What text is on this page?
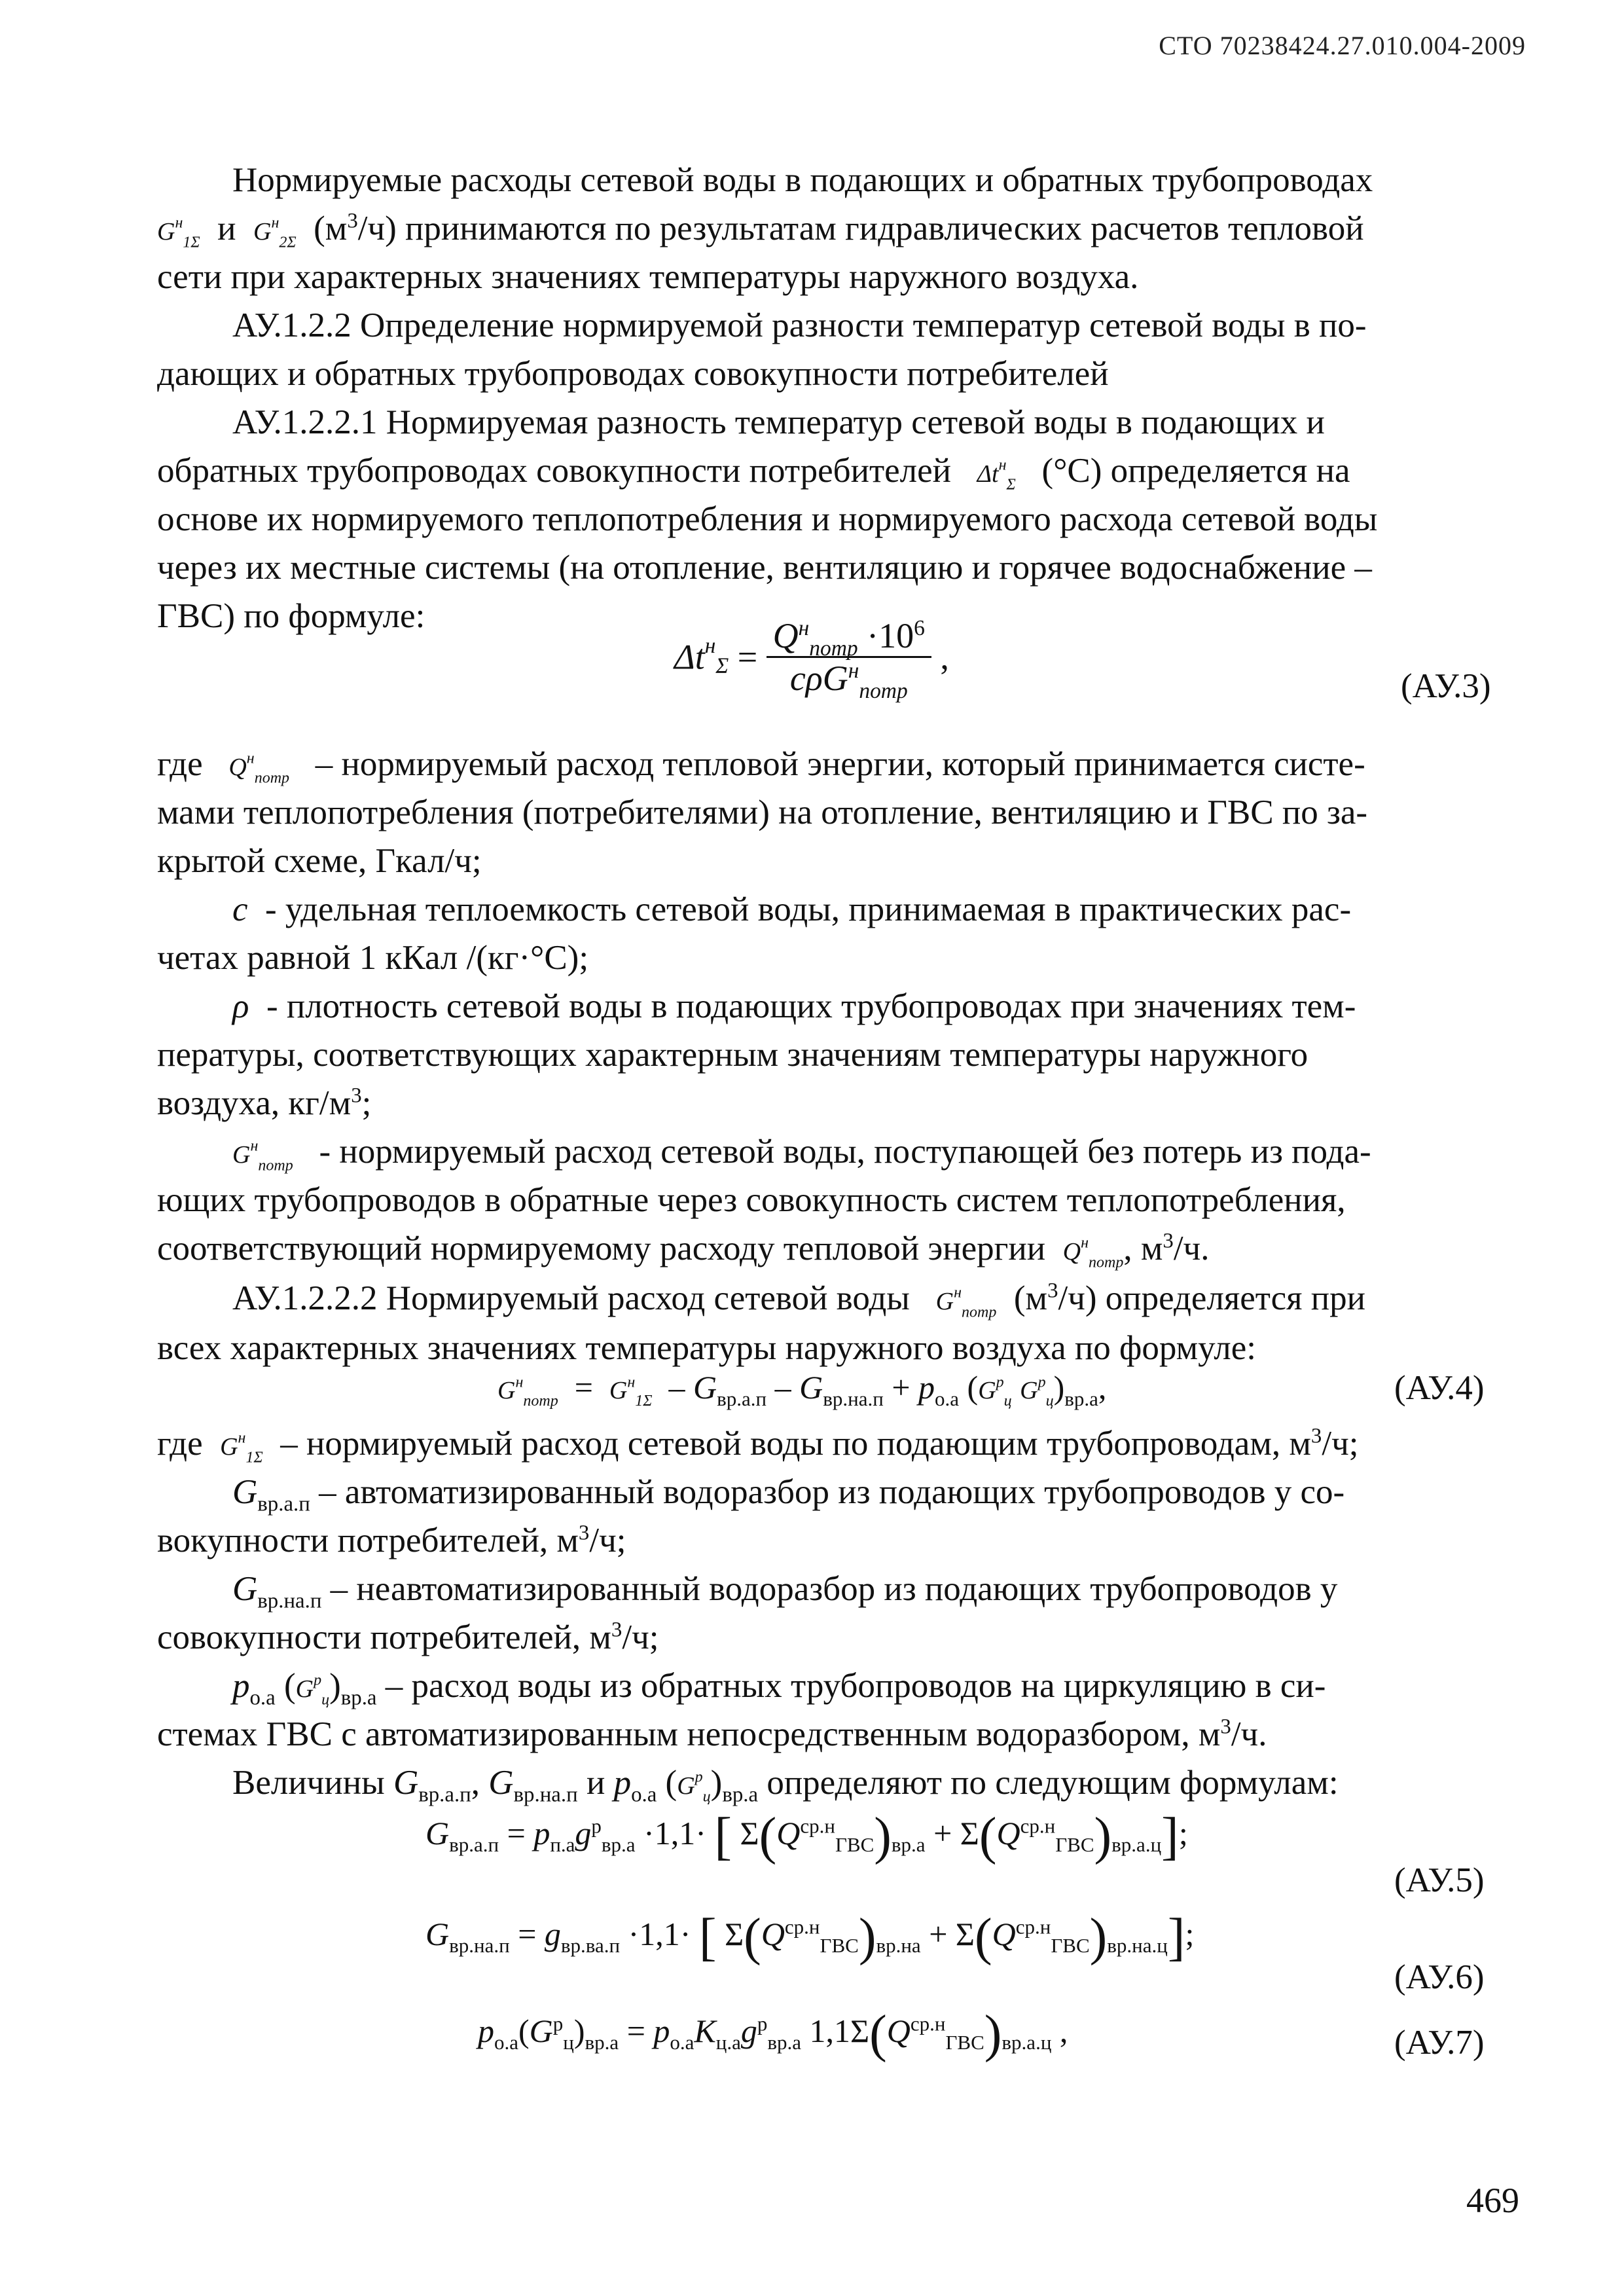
СТО 70238424.27.010.004-2009
Нормируемые расходы сетевой воды в подающих и обратных трубопроводах
$G^н_{1\Sigma}$ и $G^н_{2\Sigma}$  $(м^3/ч)$ принимаются по результатам гидравлических расчетов тепловой
сети при характерных значениях температуры наружного воздуха.
АУ.1.2.2 Определение нормируемой разности температур сетевой воды в по-
дающих и обратных трубопроводах совокупности потребителей
АУ.1.2.2.1 Нормируемая разность температур сетевой воды в подающих и
обратных трубопроводах совокупности потребителей $\Delta t^н_\Sigma$ (°С) определяется на
основе их нормируемого теплопотребления и нормируемого расхода сетевой воды
через их местные системы (на отопление, вентиляцию и горячее водоснабжение –
ГВС) по формуле:
$\Delta t^н_\Sigma = \frac{Q^н_{потр} \cdot 10^6}{c\rho G^н_{потр}}$ ,
(АУ.3)
где $Q^н_{потр}$ – нормируемый расход тепловой энергии, который принимается систе-
мами теплопотребления (потребителями) на отопление, вентиляцию и ГВС по за-
крытой схеме, Гкал/ч;
c - удельная теплоемкость сетевой воды, принимаемая в практических рас-
четах равной 1 кКал /(кг·°С);
ρ - плотность сетевой воды в подающих трубопроводах при значениях тем-
пературы, соответствующих характерным значениям температуры наружного
воздуха, $кг/м^3$;
$G^н_{потр}$ - нормируемый расход сетевой воды, поступающей без потерь из пода-
ющих трубопроводов в обратные через совокупность систем теплопотребления,
соответствующий нормируемому расходу тепловой энергии $Q^н_{потр}$, $м^3/ч$.
АУ.1.2.2.2 Нормируемый расход сетевой воды $G^н_{потр}$  $(м^3/ч)$ определяется при
всех характерных значениях температуры наружного воздуха по формуле:
$G^н_{потр} = G^н_{1\Sigma} - G_{вр.а.п} - G_{вр.на.п} + p_{о.а}$ ($G^р_ц$ $G^р_ц)_{вр.а}$,	(АУ.4)
где  $G^н_{1\Sigma}$ – нормируемый расход сетевой воды по подающим трубопроводам, $м^3/ч$;
$G_{вр.а.п}$ – автоматизированный водоразбор из подающих трубопроводов у со-
вокупности потребителей, $м^3/ч$;
$G_{вр.на.п}$ – неавтоматизированный водоразбор из подающих трубопроводов у
совокупности потребителей, $м^3/ч$;
$p_{о.а}$ $(G^р_ц)_{вр.а}$ – расход воды из обратных трубопроводов на циркуляцию в си-
стемах ГВС с автоматизированным непосредственным водоразбором, $м^3/ч$.
Величины $G_{вр.а.п}$, $G_{вр.на.п}$ и $p_{о.а}$ $(G^р_ц)_{вр.а}$ определяют по следующим формулам:
$G_{вр.а.п} = p_{п.а}g^р_{вр.а} \cdot 1,1\cdot$ [ $\Sigma(Q^{ср.н}_{ГВС})_{вр.а} + \Sigma(Q^{ср.н}_{ГВС})_{вр.а.ц}$];
(АУ.5)
$G_{вр.на.п} = g_{вр.ва.п} \cdot 1,1\cdot$ [ $\Sigma(Q^{ср.н}_{ГВС})_{вр.на} + \Sigma(Q^{ср.н}_{ГВС})_{вр.на.ц}$];
(АУ.6)
$p_{о.а}(G^р_ц)_{вр.а} = p_{о.а}K_{ц.а}g^р_{вр.а}$ $1,1\Sigma(Q^{ср.н}_{ГВС})_{вр.а.ц}$ ,	(АУ.7)
469
